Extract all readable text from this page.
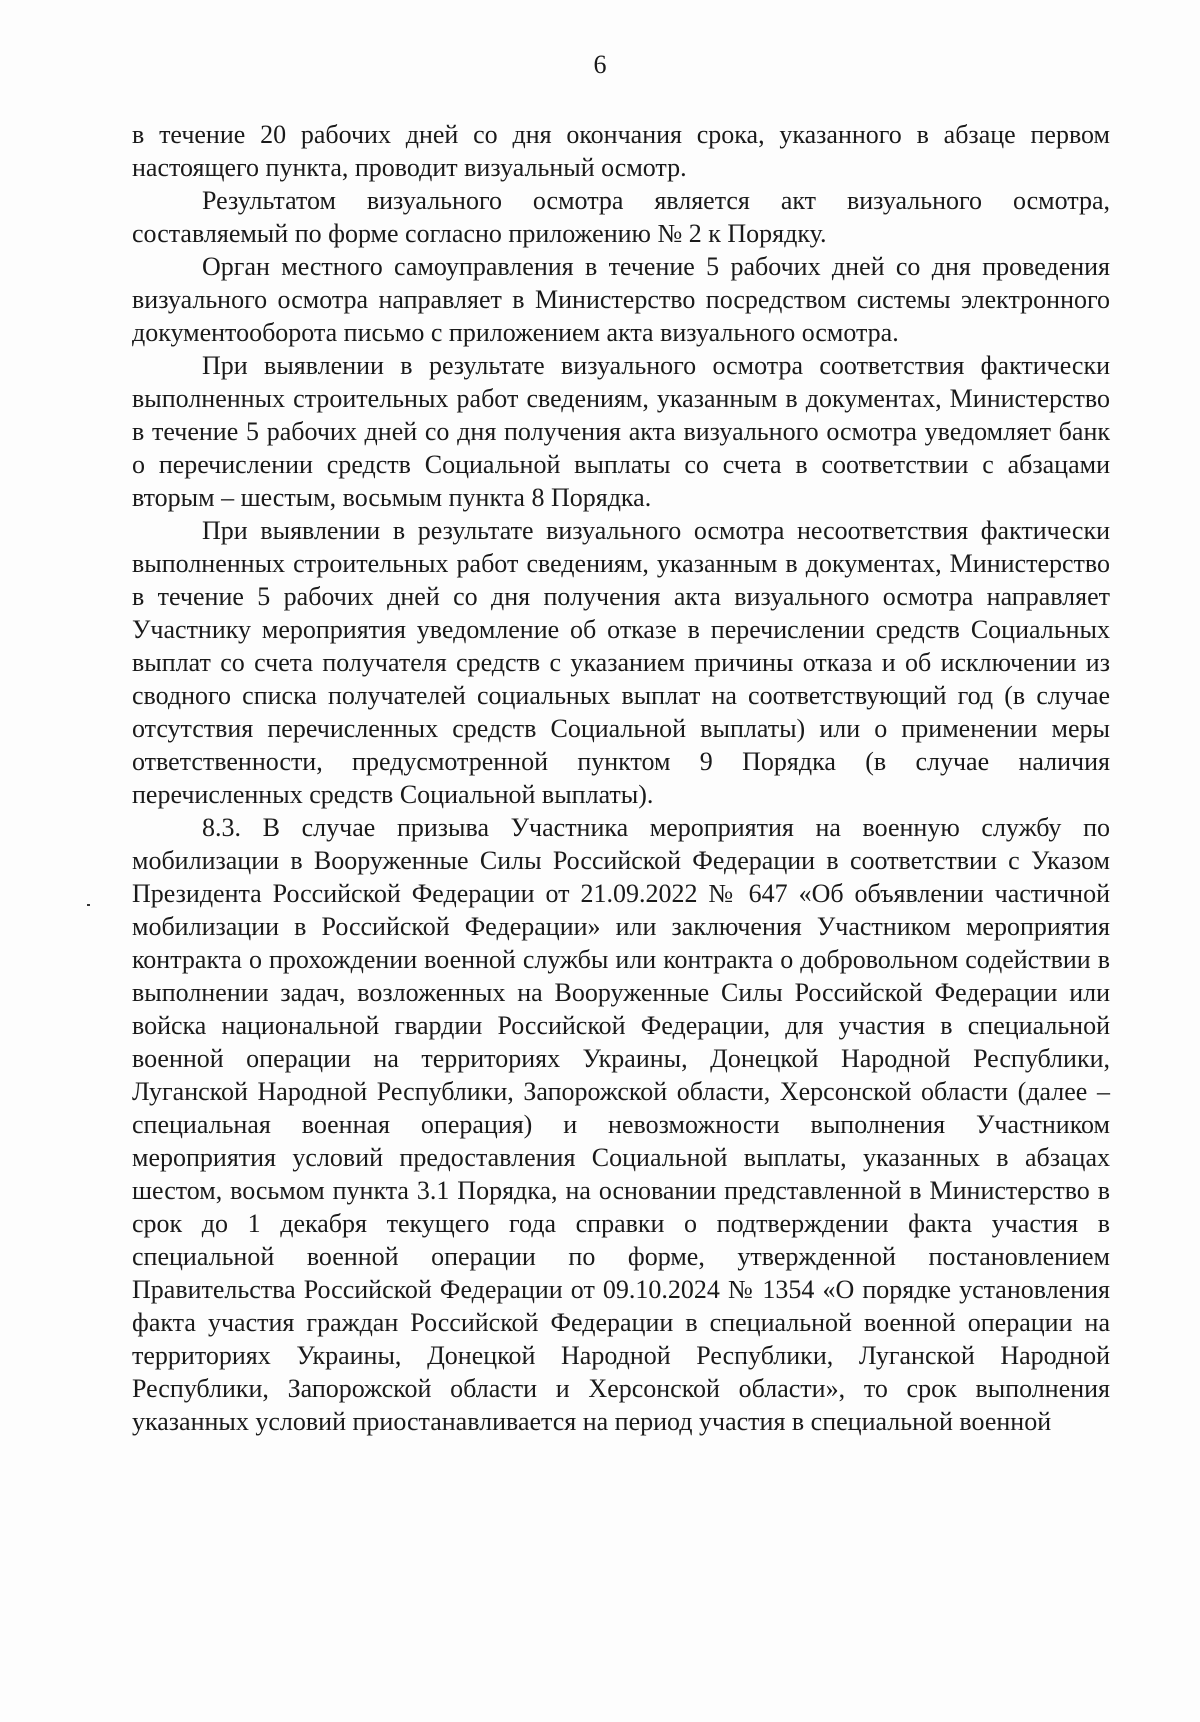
6

в течение 20 рабочих дней со дня окончания срока, указанного в абзаце первом настоящего пункта, проводит визуальный осмотр.

Результатом визуального осмотра является акт визуального осмотра, составляемый по форме согласно приложению № 2 к Порядку.

Орган местного самоуправления в течение 5 рабочих дней со дня проведения визуального осмотра направляет в Министерство посредством системы электронного документооборота письмо с приложением акта визуального осмотра.

При выявлении в результате визуального осмотра соответствия фактически выполненных строительных работ сведениям, указанным в документах, Министерство в течение 5 рабочих дней со дня получения акта визуального осмотра уведомляет банк о перечислении средств Социальной выплаты со счета в соответствии с абзацами вторым – шестым, восьмым пункта 8 Порядка.

При выявлении в результате визуального осмотра несоответствия фактически выполненных строительных работ сведениям, указанным в документах, Министерство в течение 5 рабочих дней со дня получения акта визуального осмотра направляет Участнику мероприятия уведомление об отказе в перечислении средств Социальных выплат со счета получателя средств с указанием причины отказа и об исключении из сводного списка получателей социальных выплат на соответствующий год (в случае отсутствия перечисленных средств Социальной выплаты) или о применении меры ответственности, предусмотренной пунктом 9 Порядка (в случае наличия перечисленных средств Социальной выплаты).

8.3. В случае призыва Участника мероприятия на военную службу по мобилизации в Вооруженные Силы Российской Федерации в соответствии с Указом Президента Российской Федерации от 21.09.2022 № 647 «Об объявлении частичной мобилизации в Российской Федерации» или заключения Участником мероприятия контракта о прохождении военной службы или контракта о добровольном содействии в выполнении задач, возложенных на Вооруженные Силы Российской Федерации или войска национальной гвардии Российской Федерации, для участия в специальной военной операции на территориях Украины, Донецкой Народной Республики, Луганской Народной Республики, Запорожской области, Херсонской области (далее – специальная военная операция) и невозможности выполнения Участником мероприятия условий предоставления Социальной выплаты, указанных в абзацах шестом, восьмом пункта 3.1 Порядка, на основании представленной в Министерство в срок до 1 декабря текущего года справки о подтверждении факта участия в специальной военной операции по форме, утвержденной постановлением Правительства Российской Федерации от 09.10.2024 № 1354 «О порядке установления факта участия граждан Российской Федерации в специальной военной операции на территориях Украины, Донецкой Народной Республики, Луганской Народной Республики, Запорожской области и Херсонской области», то срок выполнения указанных условий приостанавливается на период участия в специальной военной
